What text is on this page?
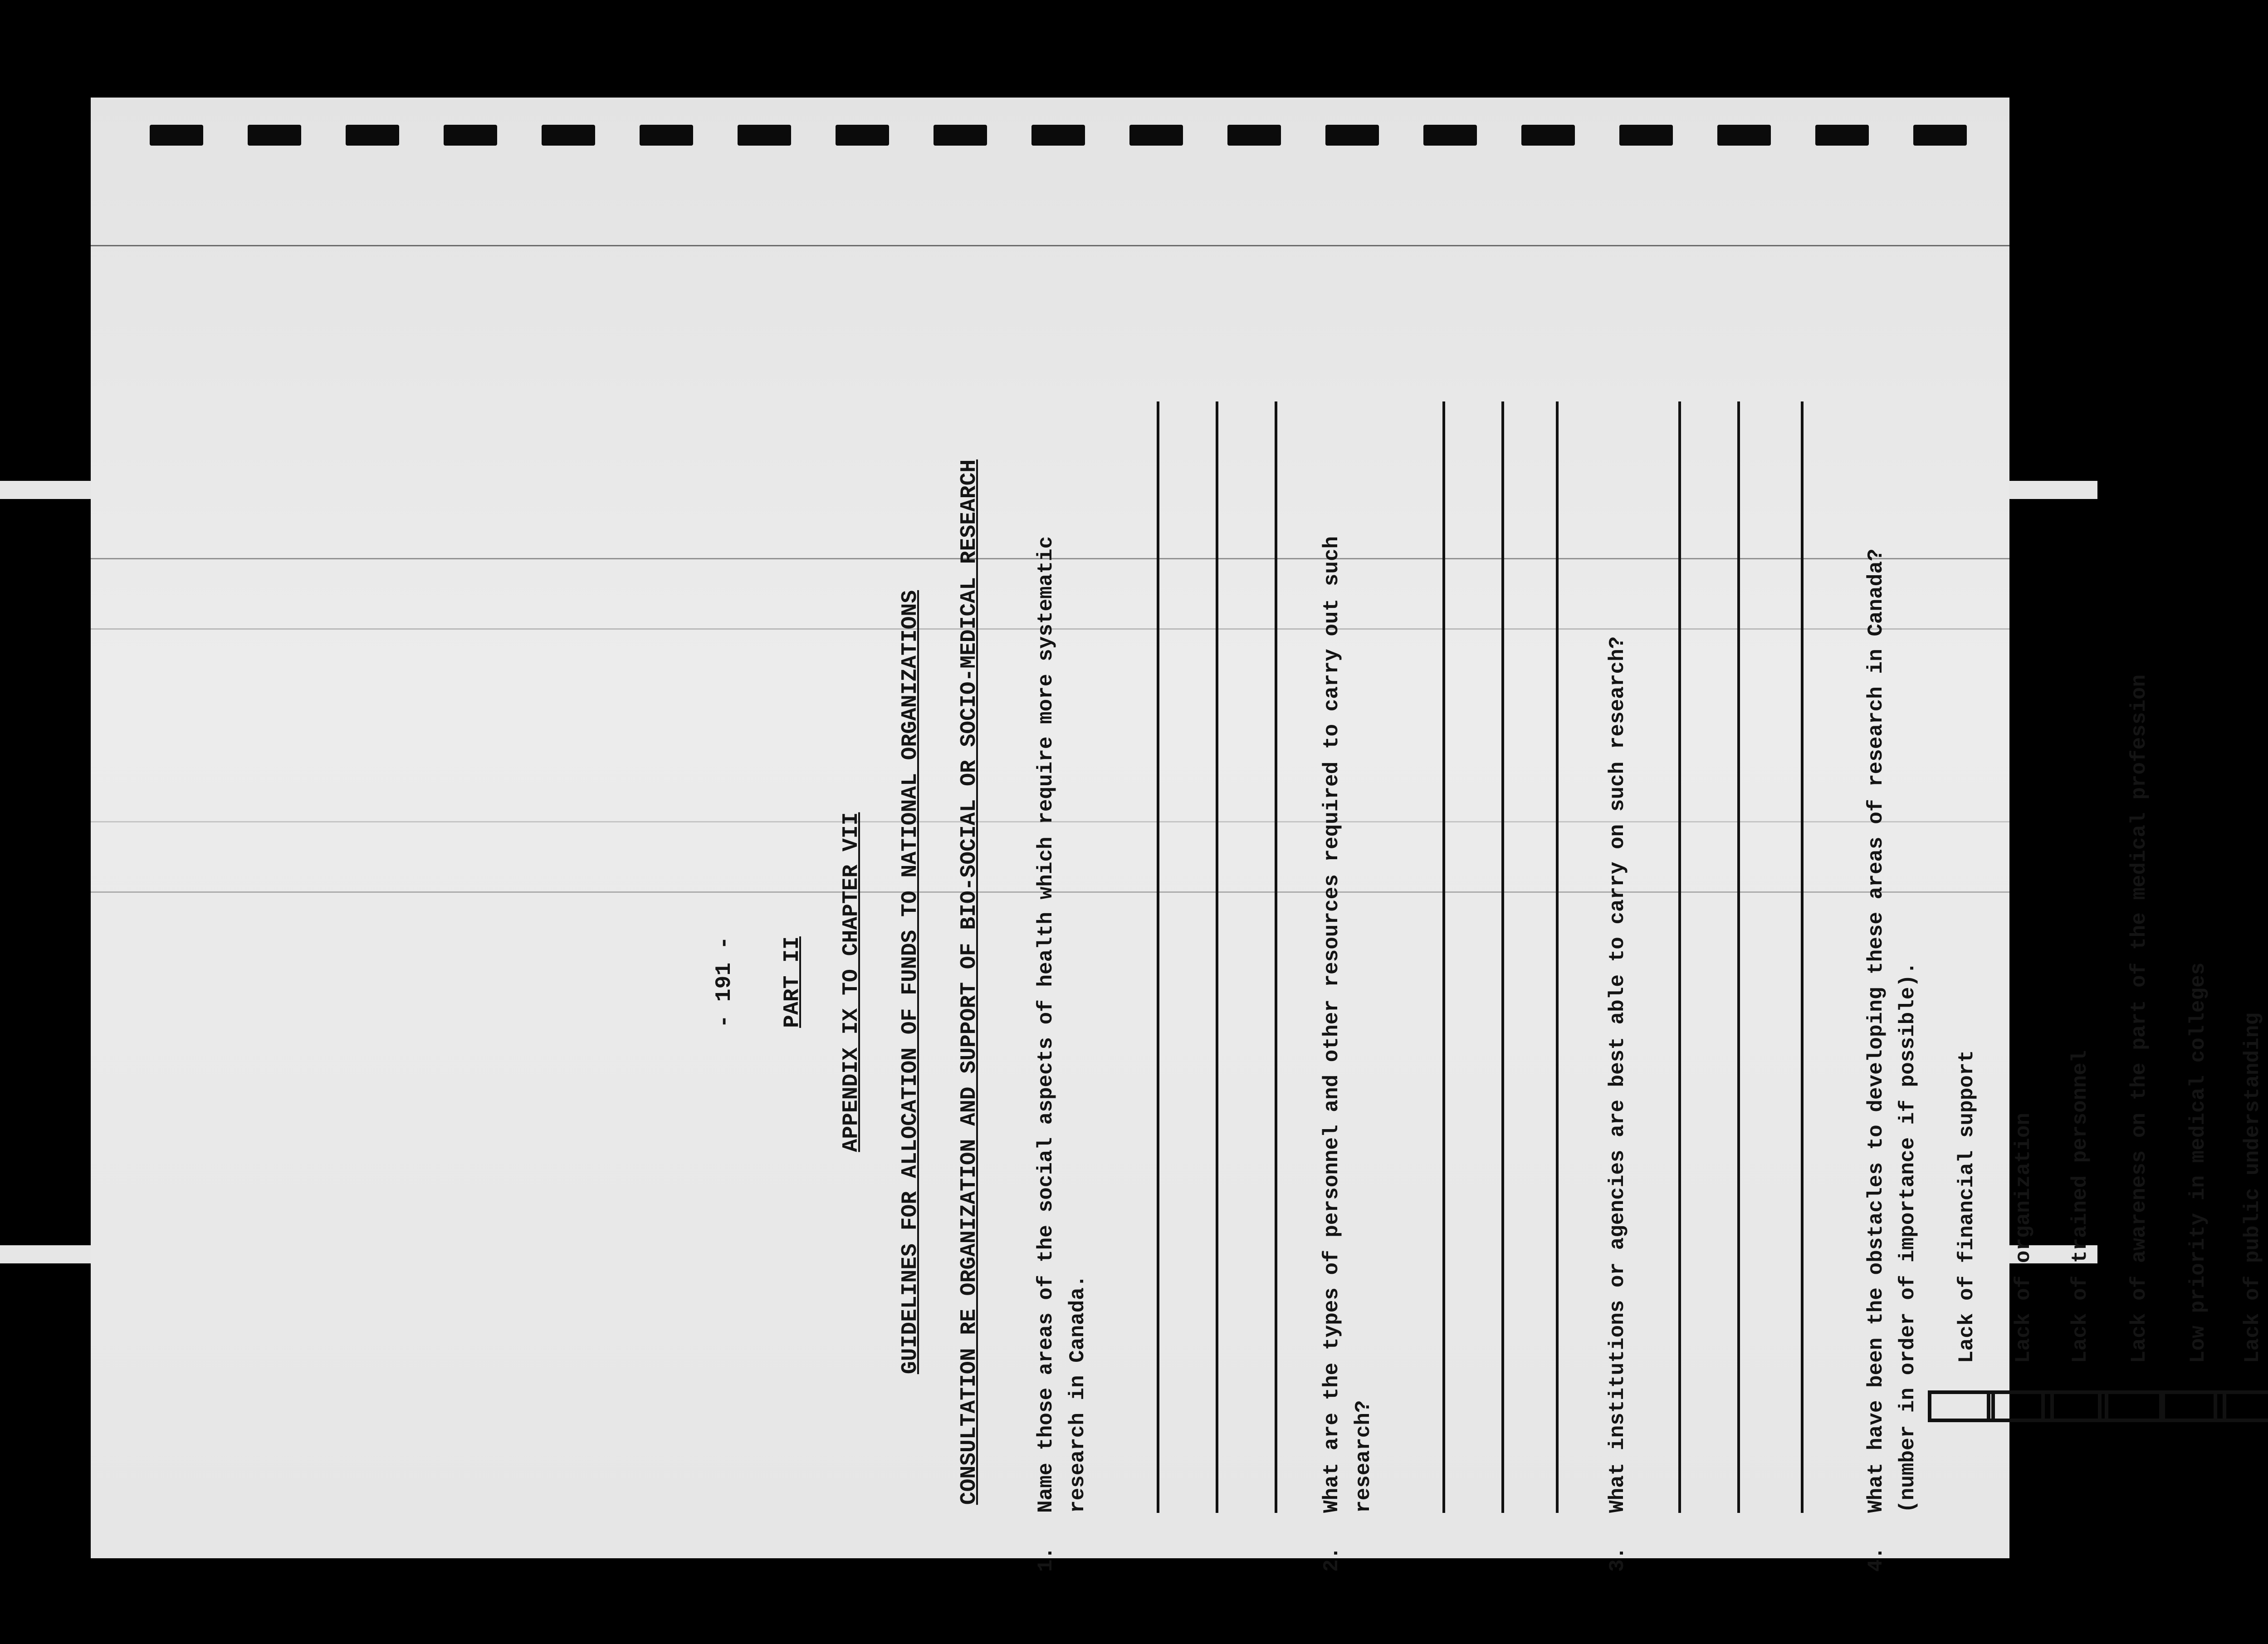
- 191 - PART II APPENDIX IX TO CHAPTER VII GUIDELINES FOR ALLOCATION OF FUNDS TO NATIONAL ORGANIZATIONS CONSULTATION RE ORGANIZATION AND SUPPORT OF BIO-SOCIAL OR SOCIO-MEDICAL RESEARCH
1.
Name those areas of the social aspects of health which require more systematic research in Canada.
2.
What are the types of personnel and other resources required to carry out such research?
3.
What institutions or agencies are best able to carry on such research?
4.
What have been the obstacles to developing these areas of research in Canada? (number in order of importance if possible). Lack of financial support Lack of organization Lack of trained personnel Lack of awareness on the part of the medical profession Low priority in medical colleges Lack of public understanding
